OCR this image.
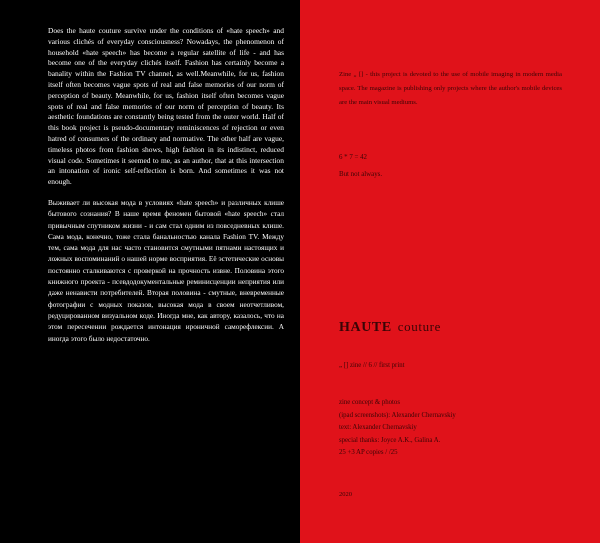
Does the haute couture survive under the conditions of «hate speech» and various clichés of everyday consciousness? Nowadays, the phenomenon of household «hate speech» has become a regular satellite of life - and has become one of the everyday clichés itself. Fashion has certainly become a banality within the Fashion TV channel, as well.Meanwhile, for us, fashion itself often becomes vague spots of real and false memories of our norm of perception of beauty. Meanwhile, for us, fashion itself often becomes vague spots of real and false memories of our norm of perception of beauty. Its aesthetic foundations are constantly being tested from the outer world. Half of this book project is pseudo-documentary reminiscences of rejection or even hatred of consumers of the ordinary and normative. The other half are vague, timeless photos from fashion shows, high fashion in its indistinct, reduced visual code. Sometimes it seemed to me, as an author, that at this intersection an intonation of ironic self-reflection is born. And sometimes it was not enough.

Выживает ли высокая мода в условиях «hate speech» и различных клише бытового сознания? В наше время феномен бытовой «hate speech» стал привычным спутником жизни - и сам стал одним из повседневных клише. Сама мода, конечно, тоже стала банальностью канала Fashion TV. Между тем, сама мода для нас часто становится смутными пятнами настоящих и ложных воспоминаний о нашей норме восприятия. Её эстетические основы постоянно сталкиваются с проверкой на прочность извне. Половина этого книжного проекта - псевдодокументальные реминисценции неприятия или даже ненависти потребителей. Вторая половина - смутные, вневременные фотографии с модных показов, высокая мода в своем неотчетливом, редуцированном визуальном коде. Иногда мне, как автору, казалось, что на этом пересечении рождается интонация ироничной саморефлексии. А иногда этого было недостаточно.

Zine „ [] - this project is devoted to the use of mobile imaging in modern media space. The magazine is publishing only projects where the author's mobile devices are the main visual mediums.

6 * 7 = 42

But not always.

HAUTE couture

„ [] zine // 6 // first print

zine concept & photos
(ipad screenshots): Alexander Chernavskiy
text: Alexander Chernavskiy
special thanks: Joyce A.K., Galina A.
25 +3 AP copies / /25

2020
